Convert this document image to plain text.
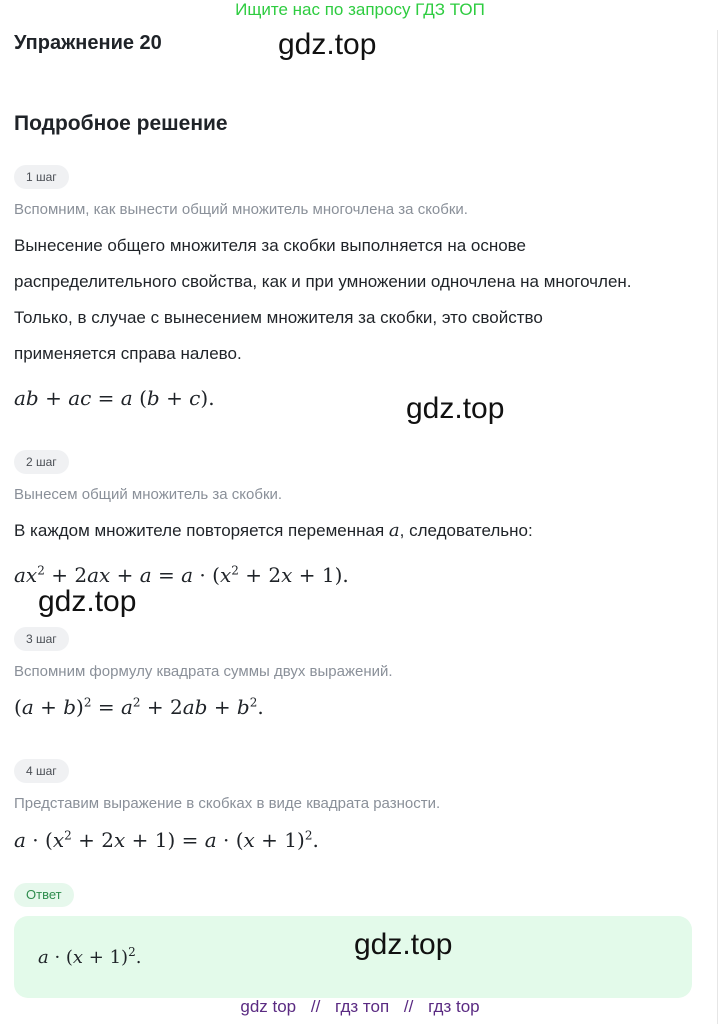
Ищите нас по запросу ГДЗ ТОП
Упражнение 20	gdz.top
Подробное решение
1 шаг
Вспомним, как вынести общий множитель многочлена за скобки.
Вынесение общего множителя за скобки выполняется на основе
распределительного свойства, как и при умножении одночлена на многочлен.
Только, в случае с вынесением множителя за скобки, это свойство
применяется справа налево.
ab + ac = a (b + c).	gdz.top
2 шаг
Вынесем общий множитель за скобки.
В каждом множителе повторяется переменная a, следовательно:
$ax^2 + 2ax + a = a \cdot (x^2 + 2x + 1)$.
gdz.top
3 шаг
Вспомним формулу квадрата суммы двух выражений.
$(a + b)^2 = a^2 + 2ab + b^2$.
4 шаг
Представим выражение в скобках в виде квадрата разности.
$a \cdot (x^2 + 2x + 1) = a \cdot (x + 1)^2$.
Ответ
$a \cdot (x + 1)^2$.	gdz.top
gdz top // гдз топ // гдз top
